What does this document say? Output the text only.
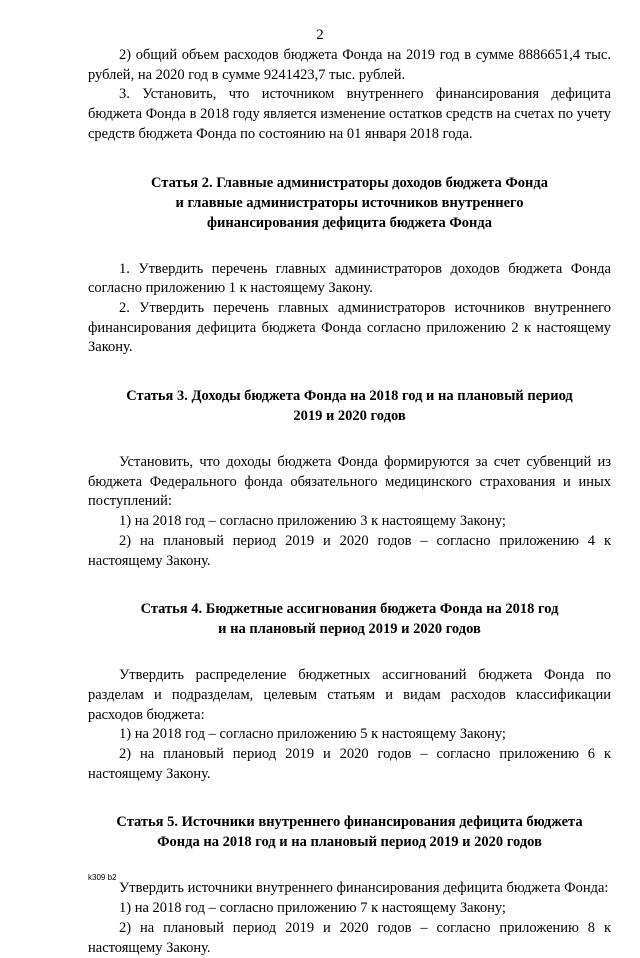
2

2) общий объем расходов бюджета Фонда на 2019 год в сумме 8886651,4 тыс. рублей, на 2020 год в сумме 9241423,7 тыс. рублей.

3. Установить, что источником внутреннего финансирования дефицита бюджета Фонда в 2018 году является изменение остатков средств на счетах по учету средств бюджета Фонда по состоянию на 01 января 2018 года.

Статья 2. Главные администраторы доходов бюджета Фонда
и главные администраторы источников внутреннего
финансирования дефицита бюджета Фонда

1. Утвердить перечень главных администраторов доходов бюджета Фонда согласно приложению 1 к настоящему Закону.

2. Утвердить перечень главных администраторов источников внутреннего финансирования дефицита бюджета Фонда согласно приложению 2 к настоящему Закону.

Статья 3. Доходы бюджета Фонда на 2018 год и на плановый период
2019 и 2020 годов

Установить, что доходы бюджета Фонда формируются за счет субвенций из бюджета Федерального фонда обязательного медицинского страхования и иных поступлений:

1) на 2018 год – согласно приложению 3 к настоящему Закону;

2) на плановый период 2019 и 2020 годов – согласно приложению 4 к настоящему Закону.

Статья 4. Бюджетные ассигнования бюджета Фонда на 2018 год
и на плановый период 2019 и 2020 годов

Утвердить распределение бюджетных ассигнований бюджета Фонда по разделам и подразделам, целевым статьям и видам расходов классификации расходов бюджета:

1) на 2018 год – согласно приложению 5 к настоящему Закону;

2) на плановый период 2019 и 2020 годов – согласно приложению 6 к настоящему Закону.

Статья 5. Источники внутреннего финансирования дефицита бюджета
Фонда на 2018 год и на плановый период 2019 и 2020 годов

Утвердить источники внутреннего финансирования дефицита бюджета Фонда:

1) на 2018 год – согласно приложению 7 к настоящему Закону;

2) на плановый период 2019 и 2020 годов – согласно приложению 8 к настоящему Закону.

k309 b2
